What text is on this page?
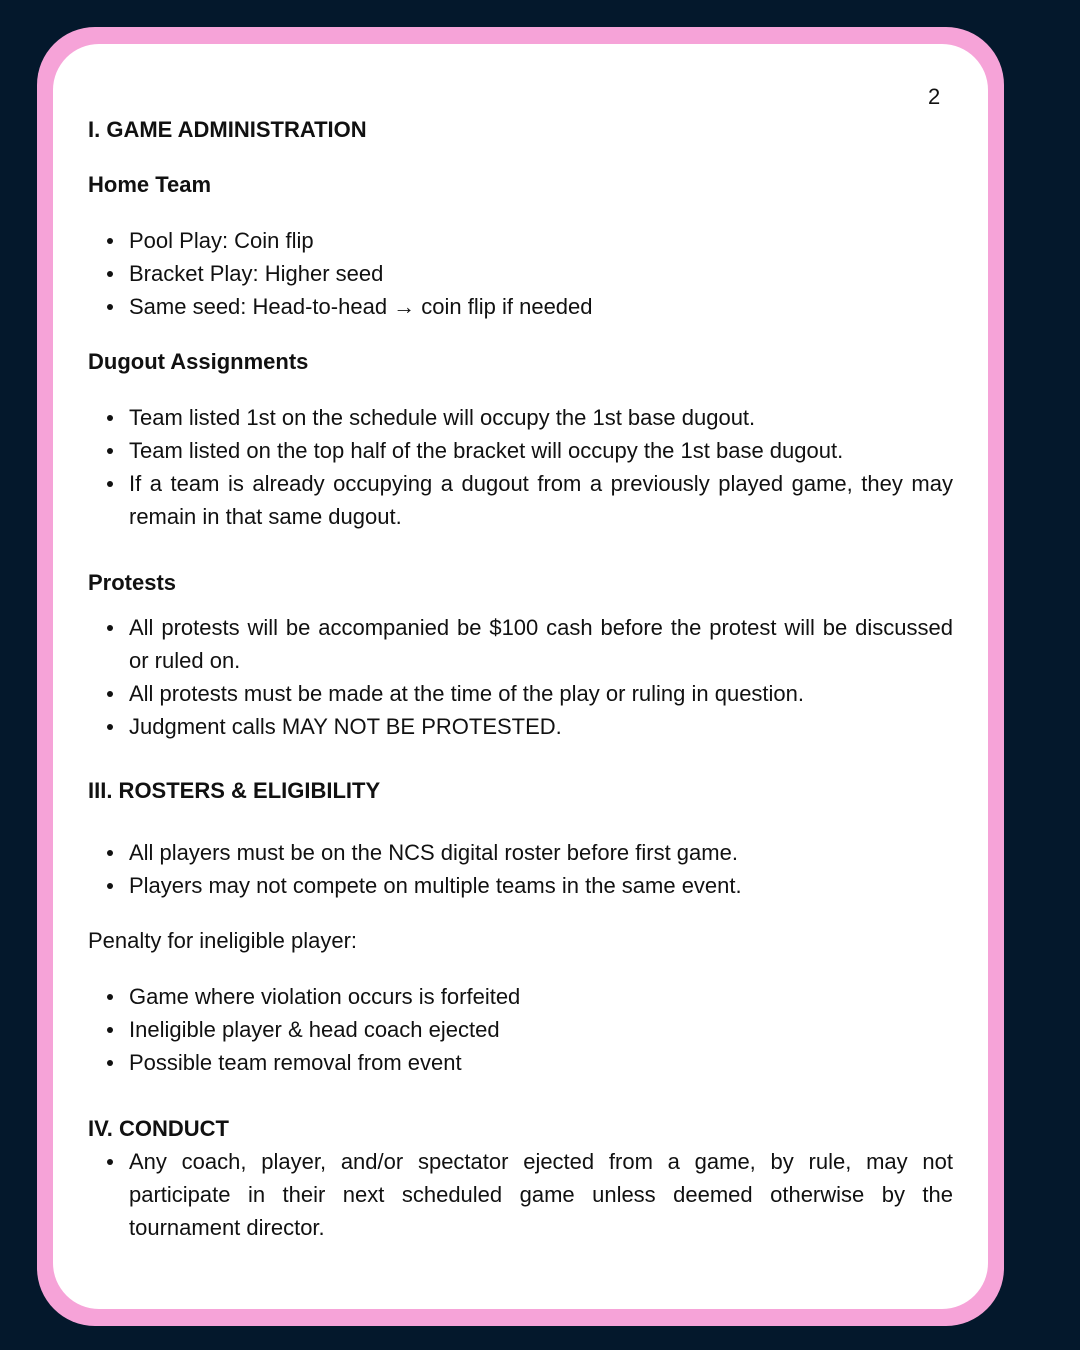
2
I. GAME ADMINISTRATION
Home Team
Pool Play: Coin flip
Bracket Play: Higher seed
Same seed: Head-to-head → coin flip if needed
Dugout Assignments
Team listed 1st on the schedule will occupy the 1st base dugout.
Team listed on the top half of the bracket will occupy the 1st base dugout.
If a team is already occupying a dugout from a previously played game, they may remain in that same dugout.
Protests
All protests will be accompanied be $100 cash before the protest will be discussed or ruled on.
All protests must be made at the time of the play or ruling in question.
Judgment calls MAY NOT BE PROTESTED.
III. ROSTERS & ELIGIBILITY
All players must be on the NCS digital roster before first game.
Players may not compete on multiple teams in the same event.
Penalty for ineligible player:
Game where violation occurs is forfeited
Ineligible player & head coach ejected
Possible team removal from event
IV. CONDUCT
Any coach, player, and/or spectator ejected from a game, by rule, may not participate in their next scheduled game unless deemed otherwise by the tournament director.
